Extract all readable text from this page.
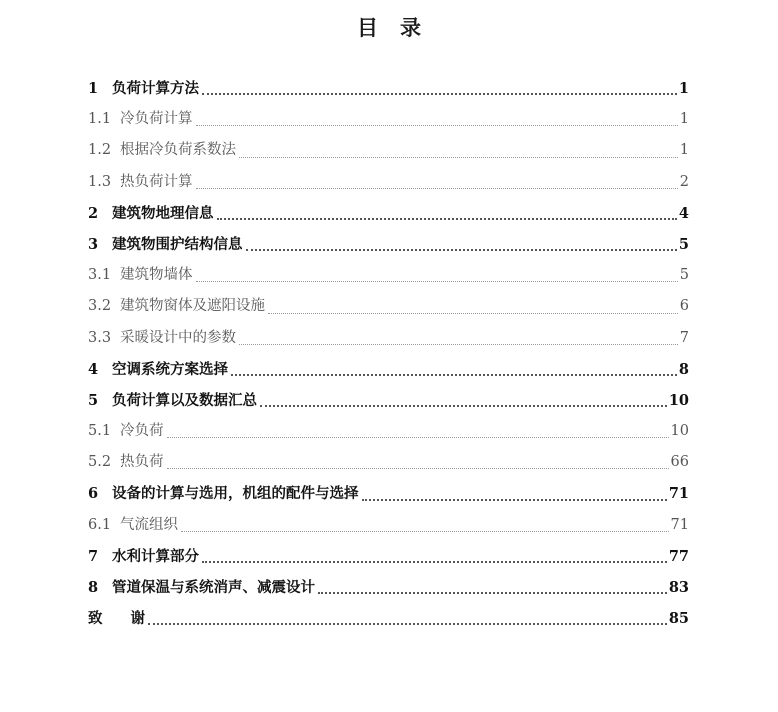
目 录
1 负荷计算方法	1
1.1 冷负荷计算	1
1.2 根据冷负荷系数法	1
1.3 热负荷计算	2
2 建筑物地理信息	4
3 建筑物围护结构信息	5
3.1 建筑物墙体	5
3.2 建筑物窗体及遮阳设施	6
3.3 采暖设计中的参数	7
4 空调系统方案选择	8
5 负荷计算以及数据汇总	10
5.1 冷负荷	10
5.2 热负荷	66
6 设备的计算与选用，机组的配件与选择	71
6.1 气流组织	71
7 水利计算部分	77
8 管道保温与系统消声、减震设计	83
致 谢	85
